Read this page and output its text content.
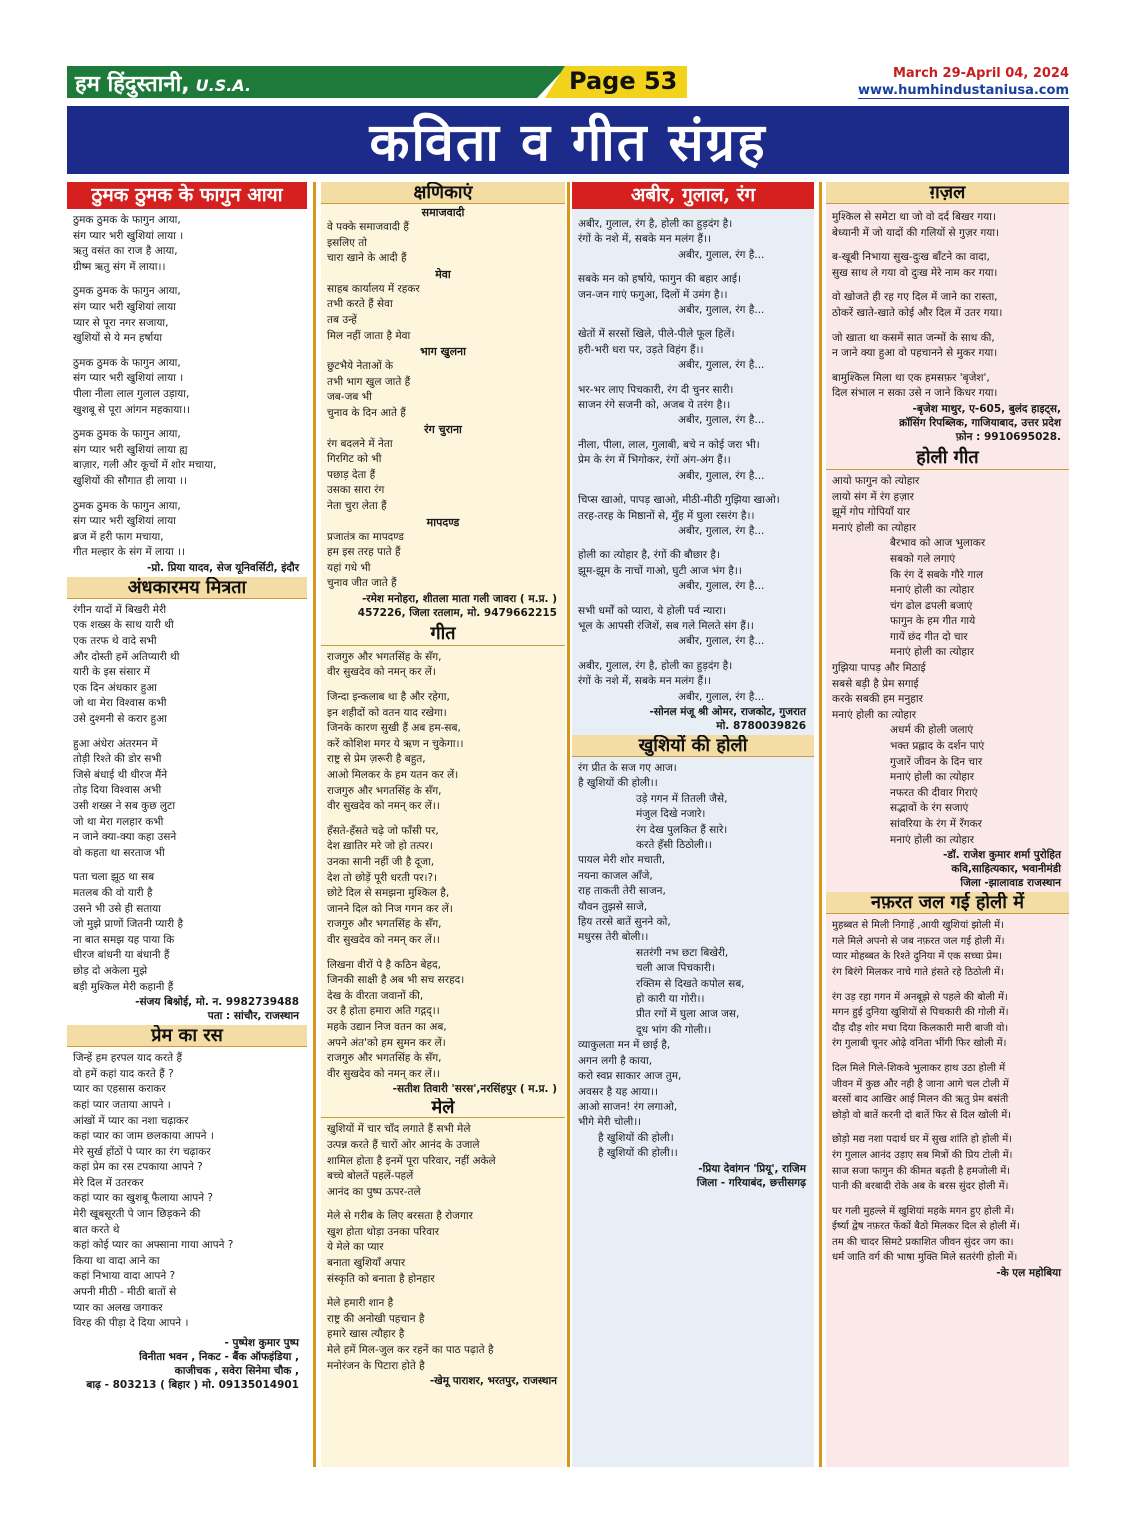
हम हिंदुस्तानी, U.S.A.	Page 53	March 29-April 04, 2024
www.humhindustaniusa.com
कविता व गीत संग्रह
ठुमक ठुमक के फागुन आया
ठुमक ठुमक के फागुन आया,
संग प्यार भरी खुशियां लाया ।
ऋतु वसंत का राज है आया,
ग्रीष्म ऋतु संग में लाया।।
ठुमक ठुमक के फागुन आया,
संग प्यार भरी खुशियां लाया
प्यार से पूरा नगर सजाया,
खुशियों से ये मन हर्षाया
ठुमक ठुमक के फागुन आया,
संग प्यार भरी खुशियां लाया ।
पीला नीला लाल गुलाल उड़ाया,
खुशबू से पूरा आंगन महकाया।।
ठुमक ठुमक के फागुन आया,
संग प्यार भरी खुशियां लाया ह्य
बाज़ार, गली और कूचों में शोर मचाया,
खुशियों की सौगात ही लाया ।।
ठुमक ठुमक के फागुन आया,
संग प्यार भरी खुशियां लाया
ब्रज में हरी फाग मचाया,
गीत मल्हार के संग में लाया ।।
-प्रो. प्रिया यादव, सेज यूनिवर्सिटी, इंदौर
अंधकारमय मित्रता
रंगीन यादों में बिखरी मेरी
एक शख्स के साथ यारी थी
एक तरफ थे वादे सभी
और दोस्ती हमें अतिप्यारी थी
यारी के इस संसार में
एक दिन अंधकार हुआ
जो था मेरा विश्वास कभी
उसे दुश्मनी से करार हुआ
हुआ अंधेरा अंतरमन में
तोड़ी रिश्ते की डोर सभी
जिसे बंधाई थी धीरज मैंने
तोड़ दिया विश्वास अभी
उसी शख्स ने सब कुछ लुटा
जो था मेरा गलहार कभी
न जाने क्या-क्या कहा उसने
वो कहता था सरताज भी
पता चला झूठ था सब
मतलब की वो यारी है
उसने भी उसे ही सताया
जो मुझे प्राणों जितनी प्यारी है
ना बात समझ यह पाया कि
धीरज बांधनी या बंधानी हैं
छोड़ दो अकेला मुझे
बड़ी मुश्किल मेरी कहानी हैं
-संजय बिश्नोई, मो. न. 9982739488
पता : सांचौर, राजस्थान
प्रेम का रस
जिन्हें हम हरपल याद करते हैं
वो हमें कहां याद करते हैं ?
प्यार का एहसास कराकर
कहां प्यार जताया आपने ।
आंखों में प्यार का नशा चढ़ाकर
कहां प्यार का जाम छलकाया आपने ।
मेरे सुर्ख होंठों पे प्यार का रंग चढ़ाकर
कहां प्रेम का रस टपकाया आपने ?
मेरे दिल में उतरकर
कहां प्यार का खुशबू फैलाया आपने ?
मेरी खूबसूरती पे जान छिड़कने की
बात करते थे
कहां कोई प्यार का अफ्साना गाया आपने ?
किया था वादा आने का
कहां निभाया वादा आपने ?
अपनी मीठी - मीठी बातों से
प्यार का अलख जगाकर
विरह की पीड़ा दे दिया आपने ।
- पुष्पेश कुमार पुष्प
विनीता भवन , निकट - बैंक ऑफइंडिया ,
काजीचक , सवेरा सिनेमा चौक ,
बाढ़ - 803213 ( बिहार ) मो. 09135014901
क्षणिकाएं
समाजवादी
वे पक्के समाजवादी हैं
इसलिए तो
चारा खाने के आदी हैं
मेवा
साहब कार्यालय में रहकर
तभी करते हैं सेवा
तब उन्हें
मिल नहीं जाता है मेवा
भाग खुलना
छुटभैये नेताओं के
तभी भाग खुल जाते हैं
जब-जब भी
चुनाव के दिन आते हैं
रंग चुराना
रंग बदलने में नेता
गिरगिट को भी
पछाड़ देता हैं
उसका सारा रंग
नेता चुरा लेता हैं
मापदण्ड
प्रजातंत्र का मापदण्ड
हम इस तरह पाते हैं
यहां गधे भी
चुनाव जीत जाते हैं
-रमेश मनोहरा, शीतला माता गली जावरा ( म.प्र. )
457226, जिला रतलाम, मो. 9479662215
गीत
राजगुरु और भगतसिंह के सँग,
वीर सुखदेव को नमन् कर लें।
जिन्दा इन्कलाब था है और रहेगा,
इन शहीदों को वतन याद रखेगा।
जिनके कारण सुखी हैं अब हम-सब,
करें कोशिश मगर ये ऋण न चुकेगा।।
राष्ट्र से प्रेम ज़रूरी है बहुत,
आओ मिलकर के हम यतन कर लें।
राजगुरु और भगतसिंह के सँग,
वीर सुखदेव को नमन् कर लें।।
हँसते-हँसते चढ़े जो फाँसी पर,
देश ख़ातिर मरे जो हो तत्पर।
उनका सानी नहीं जी है दूजा,
देश तो छोड़ें पूरी धरती पर।?।
छोटे दिल से समझना मुश्किल है,
जानने दिल को निज गगन कर लें।
राजगुरु और भगतसिंह के सँग,
वीर सुखदेव को नमन् कर लें।।
लिखना वीरों पे है कठिन बेहद,
जिनकी साक्षी है अब भी सच सरहद।
देख के वीरता जवानों की,
उर है होता हमारा अति गद्गद्।।
महके उद्यान निज वतन का अब,
अपने अंत'को हम सुमन कर लें।
राजगुरु और भगतसिंह के सँग,
वीर सुखदेव को नमन् कर लें।।
-सतीश तिवारी 'सरस',नरसिंहपुर ( म.प्र. )
मेले
खुशियों में चार चाँद लगाते हैं सभी मेले
उत्पन्न करते हैं चारों ओर आनंद के उजाले
शामिल होता है इनमें पूरा परिवार, नहीं अकेले
बच्चे बोलतें पहलें-पहलें
आनंद का पुष्प ऊपर-तले
मेले से गरीब के लिए बरसता है रोजगार
खुश होता थोड़ा उनका परिवार
ये मेले का प्यार
बनाता खुशियाँ अपार
संस्कृति को बनाता है होनहार
मेले हमारी शान है
राष्ट्र की अनोखी पहचान है
हमारे खास त्यौहार है
मेले हमें मिल-जुल कर रहनें का पाठ पढ़ाते है
मनोरंजन के पिटारा होते है
-खेमू पाराशर, भरतपुर, राजस्थान
अबीर, गुलाल, रंग
अबीर, गुलाल, रंग है, होली का हुड़दंग है।
रंगों के नशे में, सबके मन मलंग हैं।।
अबीर, गुलाल, रंग है...
सबके मन को हर्षाये, फागुन की बहार आई।
जन-जन गाएं फगुआ, दिलों में उमंग है।।
अबीर, गुलाल, रंग है...
खेतों में सरसों खिले, पीले-पीले फूल हिलें।
हरी-भरी धरा पर, उड़ते विहंग हैं।।
अबीर, गुलाल, रंग है...
भर-भर लाए पिचकारी, रंग दी चुनर सारी।
साजन रंगे सजनी को, अजब ये तरंग है।।
अबीर, गुलाल, रंग है...
नीला, पीला, लाल, गुलाबी, बचे न कोई जरा भी।
प्रेम के रंग में भिगोकर, रंगों अंग-अंग हैं।।
अबीर, गुलाल, रंग है...
चिप्स खाओ, पापड़ खाओ, मीठी-मीठी गुझिया खाओ।
तरह-तरह के मिष्ठानों से, मुँह में घुला रसरंग है।।
अबीर, गुलाल, रंग है...
होली का त्योहार है, रंगों की बौछार है।
झूम-झूम के नाचों गाओ, घुटी आज भंग है।।
अबीर, गुलाल, रंग है...
सभी धर्मों को प्यारा, ये होली पर्व न्यारा।
भूल के आपसी रंजिशें, सब गले मिलते संग हैं।।
अबीर, गुलाल, रंग है...
अबीर, गुलाल, रंग है, होली का हुड़दंग है।
रंगों के नशे में, सबके मन मलंग हैं।।
अबीर, गुलाल, रंग है...
-सोनल मंजू श्री ओमर, राजकोट, गुजरात
मो. 8780039826
खुशियों की होली
रंग प्रीत के सज गए आज।
है खुशियों की होली।।
उड़े गगन में तितली जैसे,
मंजुल दिखे नजारे।
रंग देख पुलकित हैं सारे।
करते हँसी ठिठोली।।
पायल मेरी शोर मचाती,
नयना काजल आँजे,
राह ताकती तेरी साजन,
यौवन तुझसे साजे,
हिय तरसे बातें सुनने को,
मधुरस तेरी बोली।।
सतरंगी नभ छटा बिखेरी,
चली आज पिचकारी।
रक्तिम से दिखते कपोल सब,
हो कारी या गोरी।।
प्रीत रगों में घुला आज जस,
दूध भांग की गोली।।
व्याकुलता मन में छाई है,
अगन लगी है काया,
करो स्वप्न साकार आज तुम,
अवसर है यह आया।।
आओ साजन! रंग लगाओ,
भीगे मेरी चोली।।
है खुशियों की होली।
है खुशियों की होली।।
-प्रिया देवांगन 'प्रियू', राजिम
जिला - गरियाबंद, छत्तीसगढ़
ग़ज़ल
मुश्किल से समेटा था जो वो दर्द बिखर गया।
बेध्यानी में जो यादों की गलियों से गुज़र गया।
ब-खूबी निभाया सुख-दुःख बाँटने का वादा,
सुख साथ ले गया वो दुःख मेरे नाम कर गया।
वो खोजते ही रह गए दिल में जाने का रास्ता,
ठोकरें खाते-खाते कोई और दिल में उतर गया।
जो खाता था कसमें सात जन्मों के साथ की,
न जाने क्या हुआ वो पहचानने से मुकर गया।
बामुश्किल मिला था एक हमसफ़र 'बृजेश',
दिल संभाल न सका उसे न जाने किधर गया।
-बृजेश माथुर, ए-605, बुलंद हाइट्स,
क्रॉसिंग रिपब्लिक, गाजियाबाद, उत्तर प्रदेश
फ़ोन : 9910695028.
होली गीत
आयो फागुन को त्योहार
लायो संग में रंग हज़ार
झूमें गोप गोपियाँ यार
मनाएं होली का त्योहार
बैरभाव को आज भुलाकर
सबको गले लगाएं
कि रंग दें सबके गौरे गाल
मनाएं होली का त्योहार
चंग ढोल ढपली बजाएं
फागुन के हम गीत गाये
गायें छंद गीत दो चार
मनाएं होली का त्योहार
गुझिया पापड़ और मिठाई
सबसे बड़ी है प्रेम सगाई
करके सबकी हम मनुहार
मनाएं होली का त्योहार
अधर्म की होली जलाएं
भक्त प्रह्लाद के दर्शन पाएं
गुजारें जीवन के दिन चार
मनाएं होली का त्योहार
नफरत की दीवार गिराएं
सद्भावों के रंग सजाएं
सांवरिया के रंग में रँगकर
मनाएं होली का त्योहार
-डॉ. राजेश कुमार शर्मा पुरोहित
कवि,साहित्यकार, भवानीमंडी
जिला -झालावाड राजस्थान
नफ़रत जल गई होली में
मुहब्बत से मिली निगाहें ,आयी खुशियां झोली में।
गले मिले अपनो से जब नफ़रत जल गई होली में।
प्यार मोहब्बत के रिश्ते दुनिया में एक सच्चा प्रेम।
रंग बिरंगे मिलकर नाचे गाते हंसते रहे ठिठोली में।
रंग उड़ रहा गगन में अनबूझे से पहले की बोली में।
मगन हुई दुनिया खुशियों से पिचकारी की गोली में।
दौड़ दौड़ शोर मचा दिया किलकारी मारी बाजी वो।
रंग गुलाबी चूनर ओढ़े वनिता भींगी फिर खोली में।
दिल मिले गिले-शिकवे भुलाकर हाथ उठा होली में
जीवन में कुछ और नही है जाना आगे चल टोली में
बरसों बाद आखिर आई मिलन की ऋतु प्रेम बसंती
छोड़ो वो बातें करनी दो बातें फिर से दिल खोली में।
छोड़ो मद्य नशा पदार्थ घर में सुख शांति हो होली में।
रंग गुलाल आनंद उड़ाए सब मित्रों की प्रिय टोली में।
साज सजा फागुन की कीमत बढ़ती है हमजोली में।
पानी की बरबादी रोके अब के बरस सुंदर होली में।
घर गली मुहल्ले में खुशियां महके मगन हुए होली में।
ईर्ष्या द्वेष नफ़रत फेंकों बैठो मिलकर दिल से होली में।
तम की चादर सिमटे प्रकाशित जीवन सुंदर जग का।
धर्म जाति वर्ग की भाषा मुक्ति मिले सतरंगी होली में।
-के एल महोबिया
